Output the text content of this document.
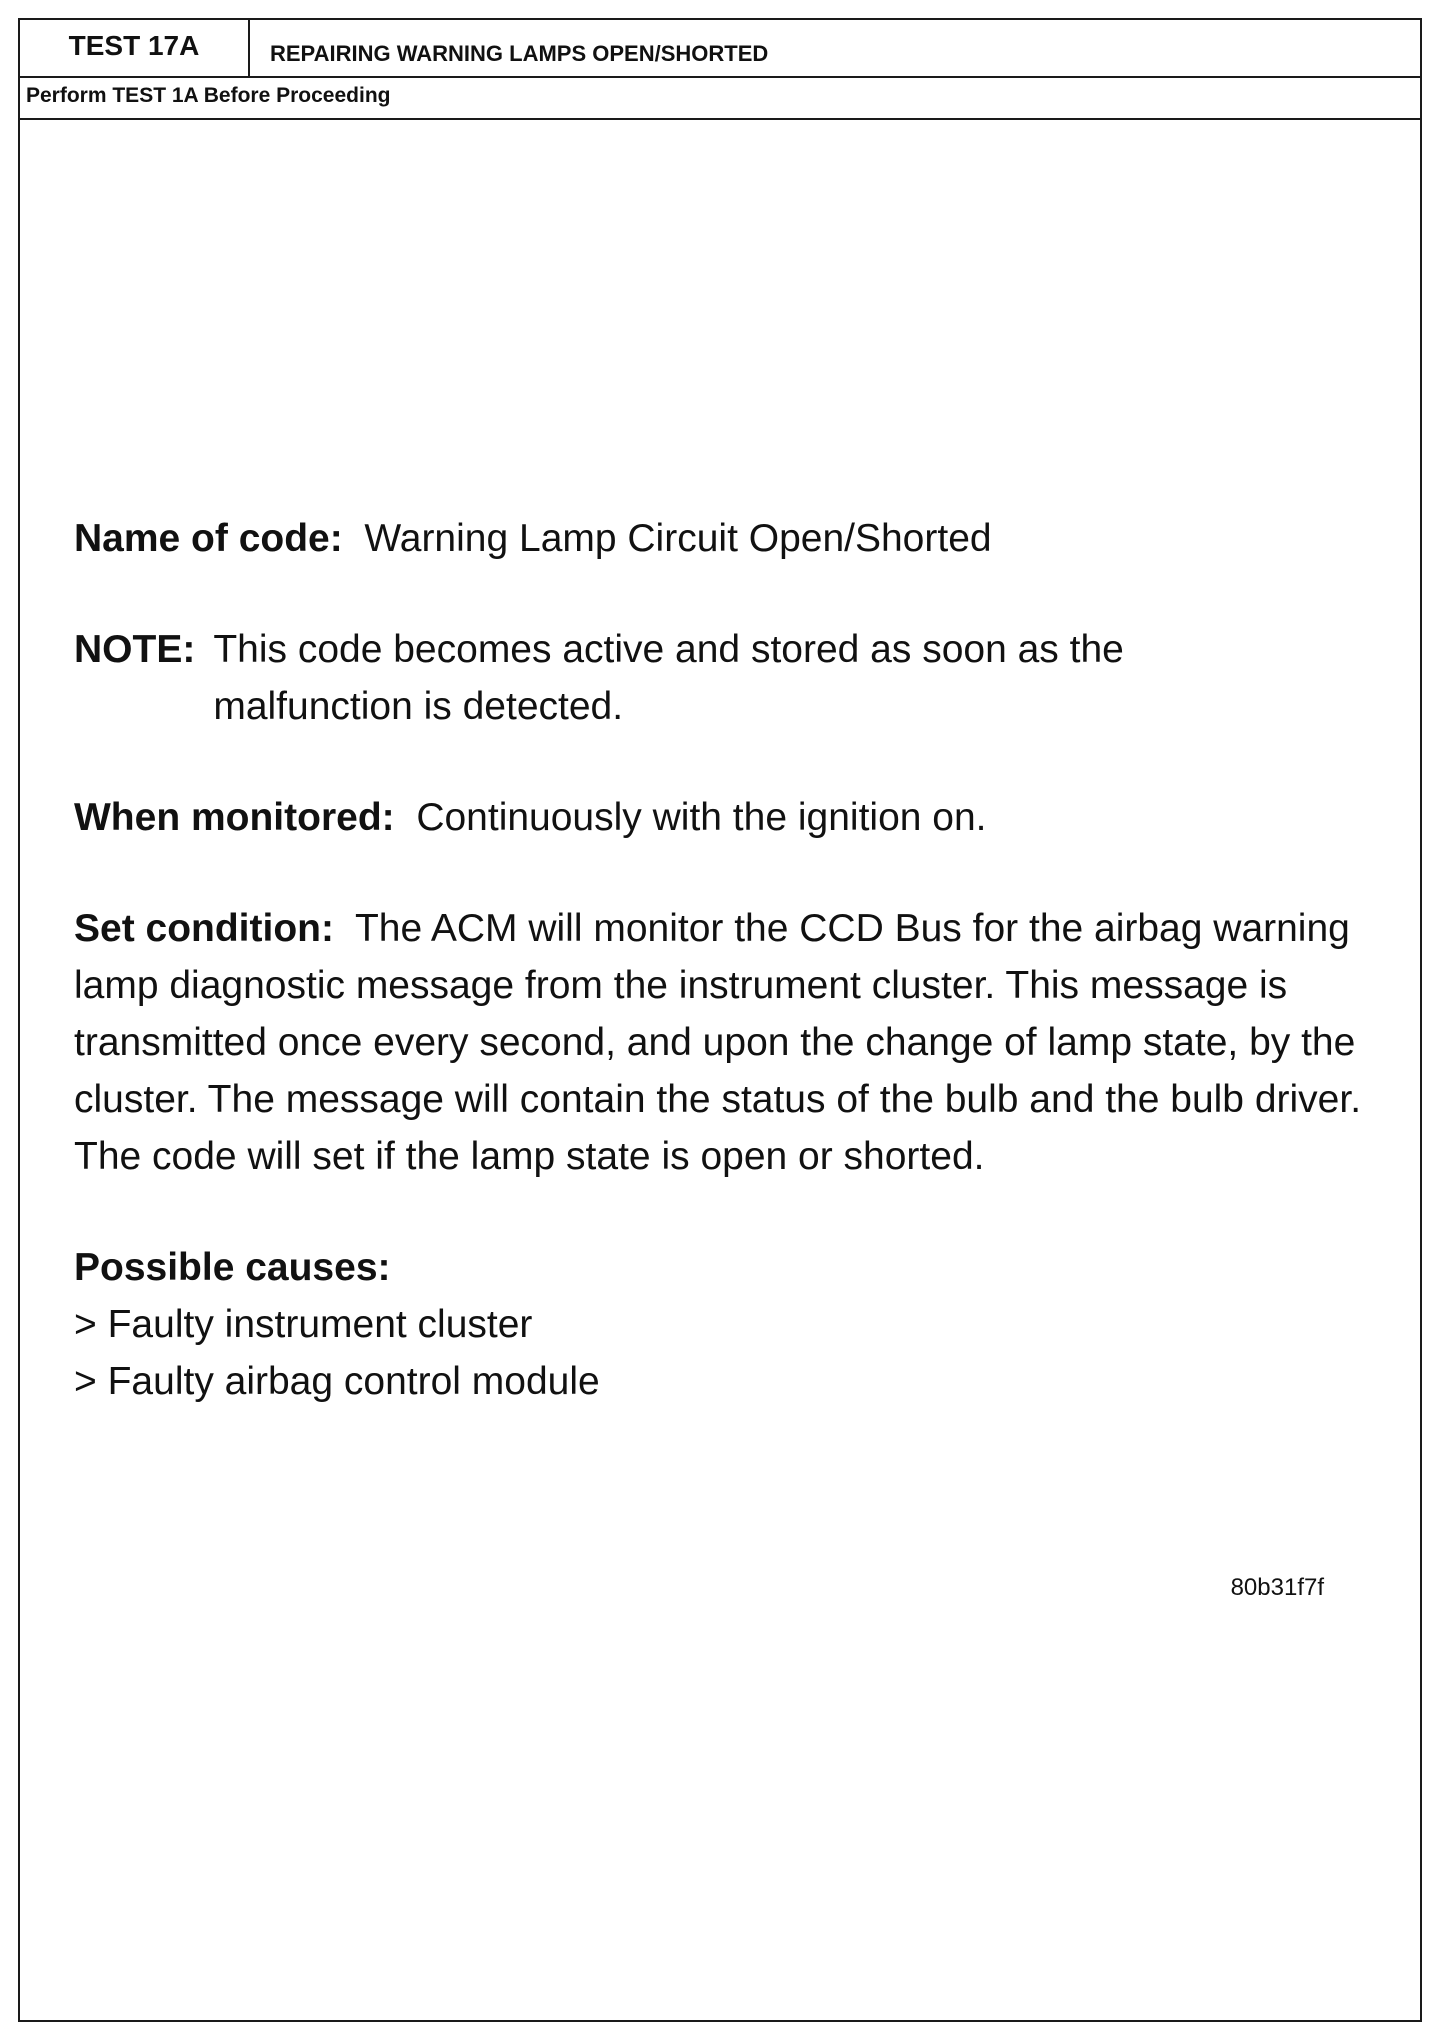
TEST 17A	REPAIRING WARNING LAMPS OPEN/SHORTED
Perform TEST 1A Before Proceeding

Name of code: Warning Lamp Circuit Open/Shorted

NOTE: This code becomes active and stored as soon as the malfunction is detected.

When monitored: Continuously with the ignition on.

Set condition: The ACM will monitor the CCD Bus for the airbag warning lamp diagnostic message from the instrument cluster. This message is transmitted once every second, and upon the change of lamp state, by the cluster. The message will contain the status of the bulb and the bulb driver. The code will set if the lamp state is open or shorted.

Possible causes:
> Faulty instrument cluster
> Faulty airbag control module
80b31f7f
